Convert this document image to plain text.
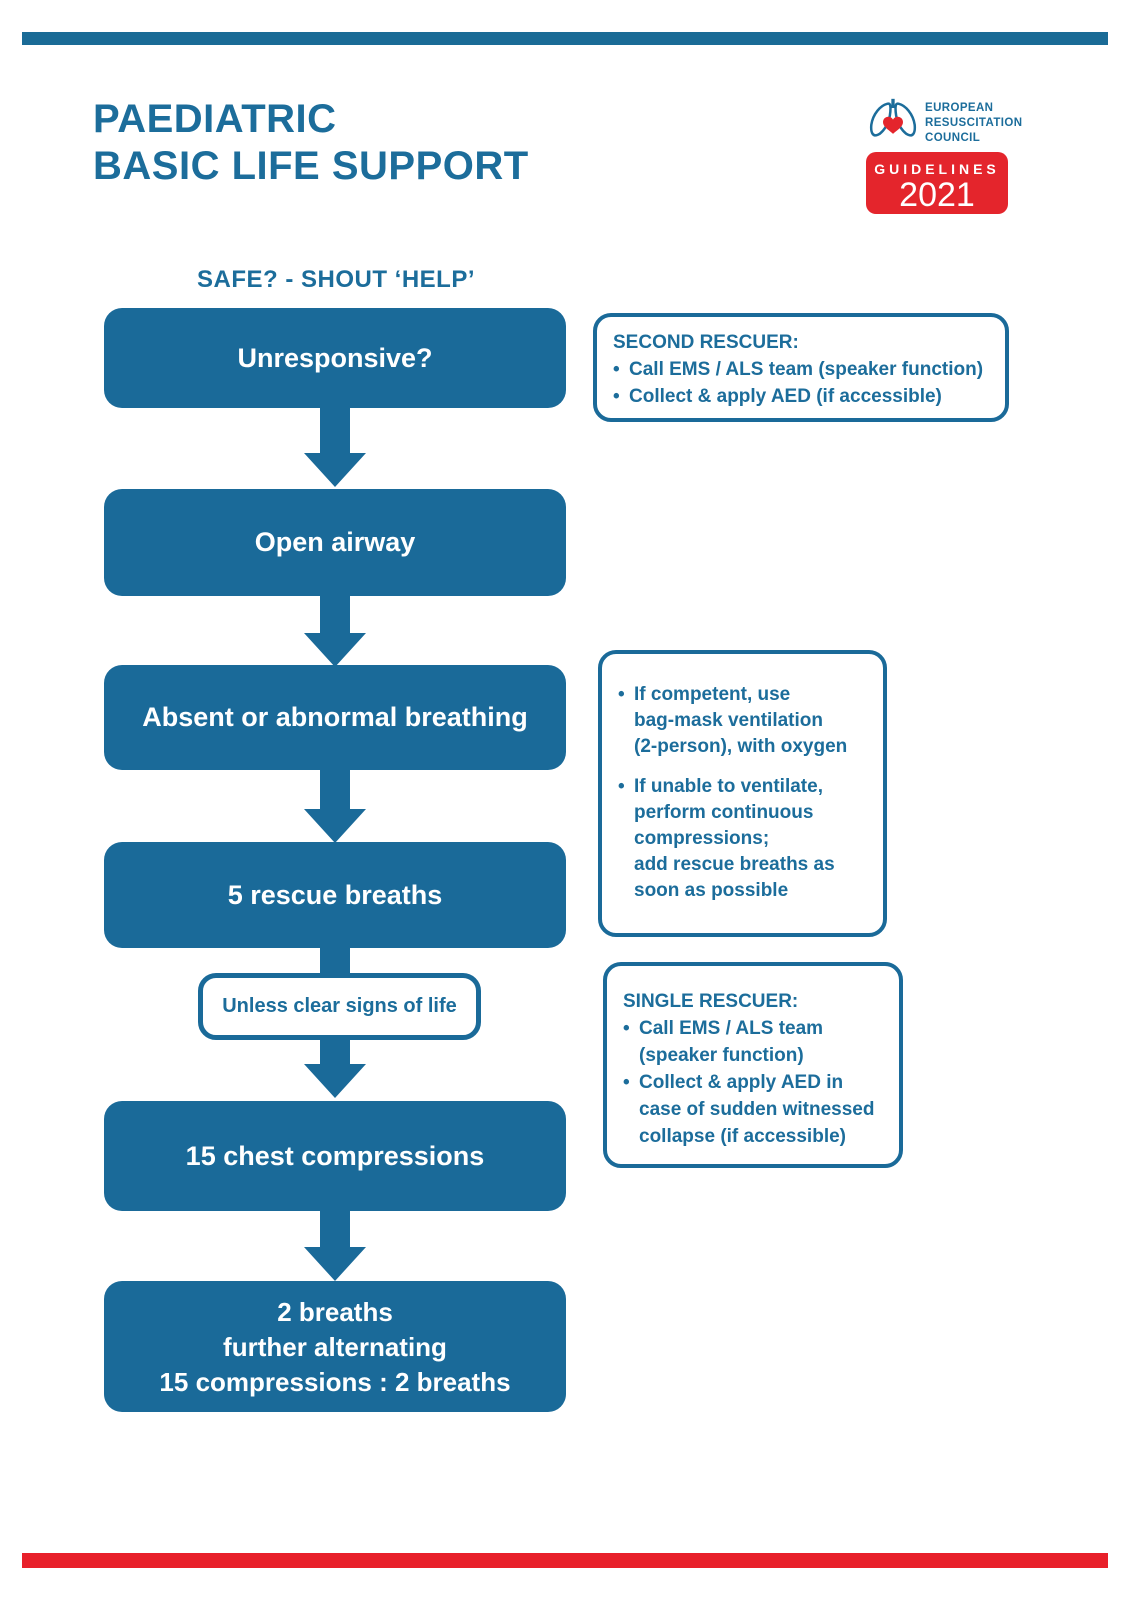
PAEDIATRIC
BASIC LIFE SUPPORT
EUROPEAN
RESUSCITATION
COUNCIL
GUIDELINES
2021
SAFE? - SHOUT ‘HELP’
Unresponsive?
Open airway
Absent or abnormal breathing
5 rescue breaths
Unless clear signs of life
15 chest compressions
2 breaths
further alternating
15 compressions : 2 breaths
SECOND RESCUER:
• Call EMS / ALS team (speaker function)
• Collect & apply AED (if accessible)
• If competent, use
bag-mask ventilation
(2-person), with oxygen
• If unable to ventilate,
perform continuous
compressions;
add rescue breaths as
soon as possible
SINGLE RESCUER:
• Call EMS / ALS team
(speaker function)
• Collect & apply AED in
case of sudden witnessed
collapse (if accessible)
